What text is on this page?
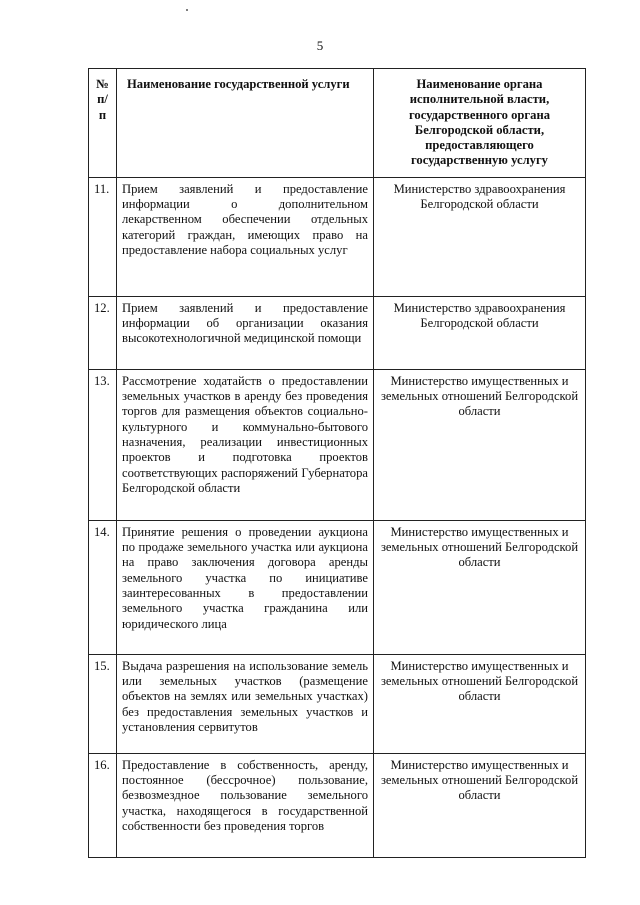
5
№ п/п	Наименование государственной услуги	Наименование органа исполнительной власти, государственного органа Белгородской области, предоставляющего государственную услугу
11.	Прием заявлений и предоставление информации о дополнительном лекарственном обеспечении отдельных категорий граждан, имеющих право на предоставление набора социальных услуг	Министерство здравоохранения Белгородской области
12.	Прием заявлений и предоставление информации об организации оказания высокотехнологичной медицинской помощи	Министерство здравоохранения Белгородской области
13.	Рассмотрение ходатайств о предоставлении земельных участков в аренду без проведения торгов для размещения объектов социально-культурного и коммунально-бытового назначения, реализации инвестиционных проектов и подготовка проектов соответствующих распоряжений Губернатора Белгородской области	Министерство имущественных и земельных отношений Белгородской области
14.	Принятие решения о проведении аукциона по продаже земельного участка или аукциона на право заключения договора аренды земельного участка по инициативе заинтересованных в предоставлении земельного участка гражданина или юридического лица	Министерство имущественных и земельных отношений Белгородской области
15.	Выдача разрешения на использование земель или земельных участков (размещение объектов на землях или земельных участках) без предоставления земельных участков и установления сервитутов	Министерство имущественных и земельных отношений Белгородской области
16.	Предоставление в собственность, аренду, постоянное (бессрочное) пользование, безвозмездное пользование земельного участка, находящегося в государственной собственности без проведения торгов	Министерство имущественных и земельных отношений Белгородской области
